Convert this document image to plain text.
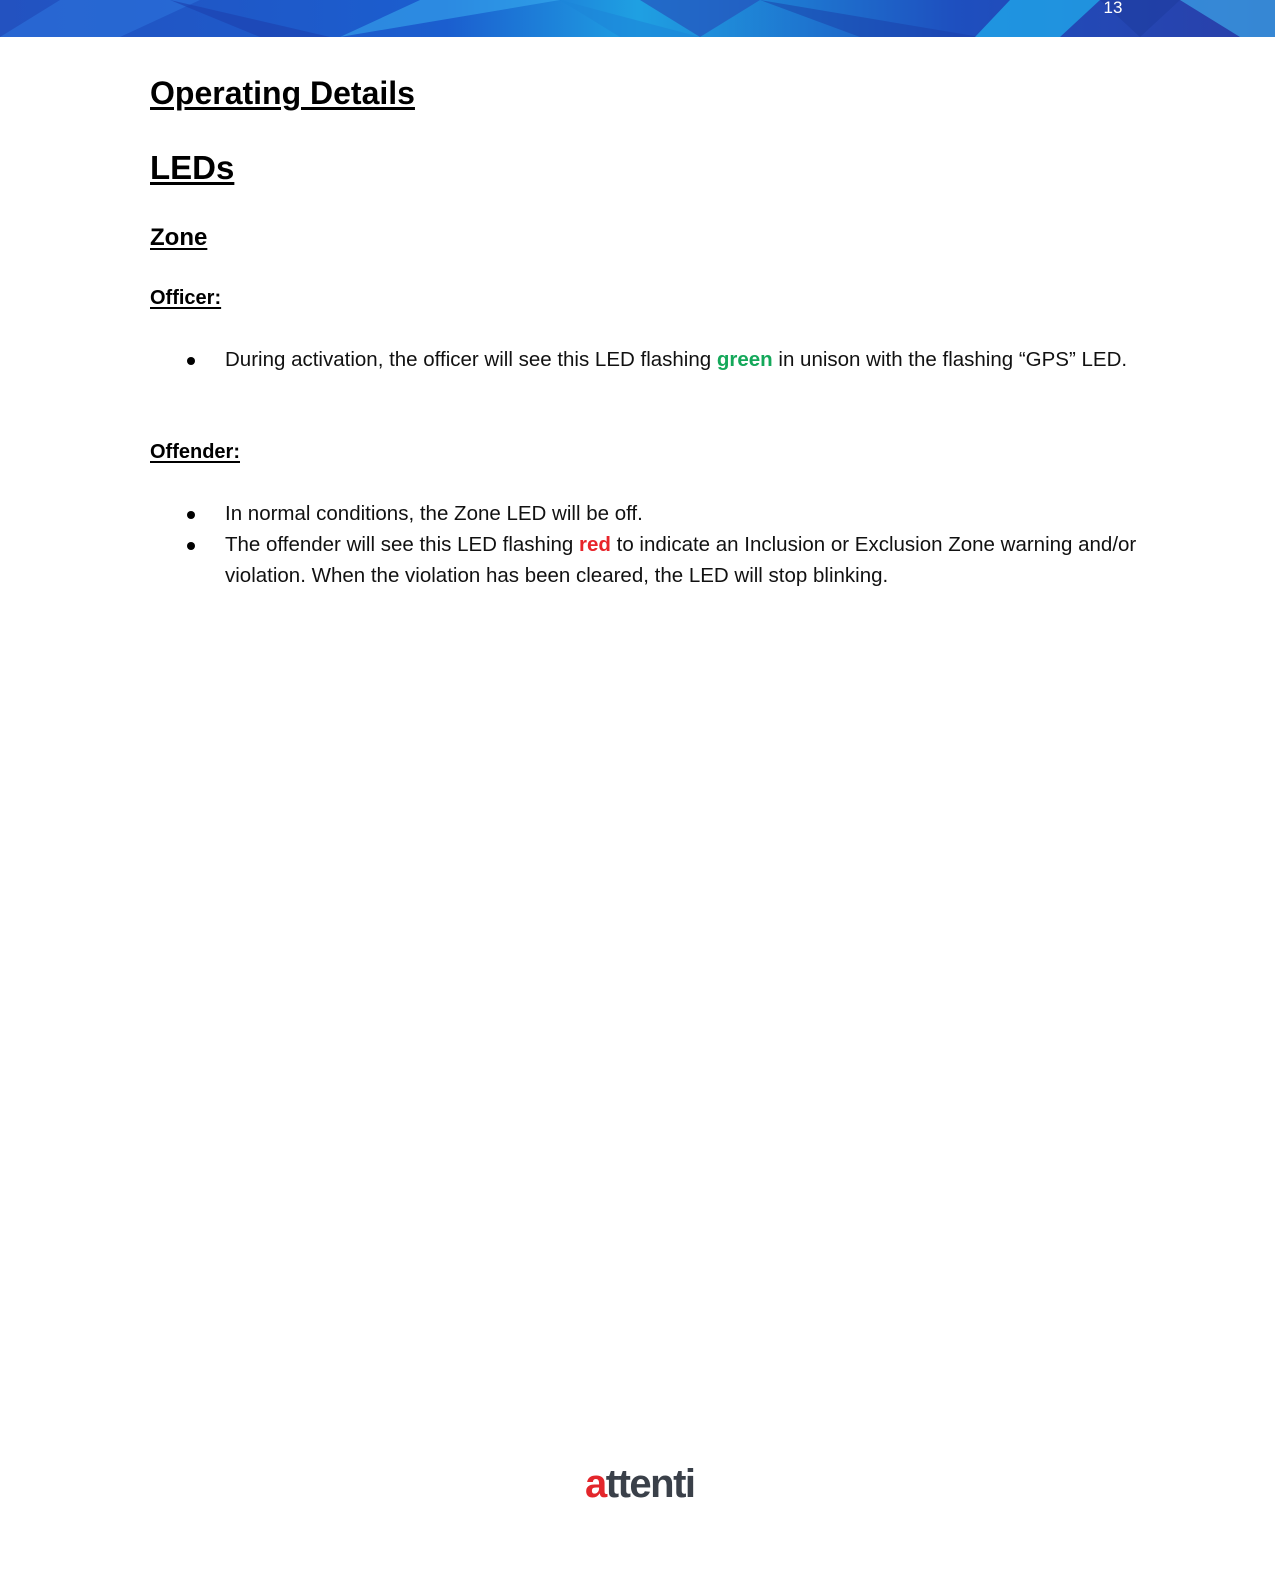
13
Operating Details
LEDs
Zone
Officer:
During activation, the officer will see this LED flashing green in unison with the flashing “GPS” LED.
Offender:
In normal conditions, the Zone LED will be off.
The offender will see this LED flashing red to indicate an Inclusion or Exclusion Zone warning and/or violation. When the violation has been cleared, the LED will stop blinking.
attenti
